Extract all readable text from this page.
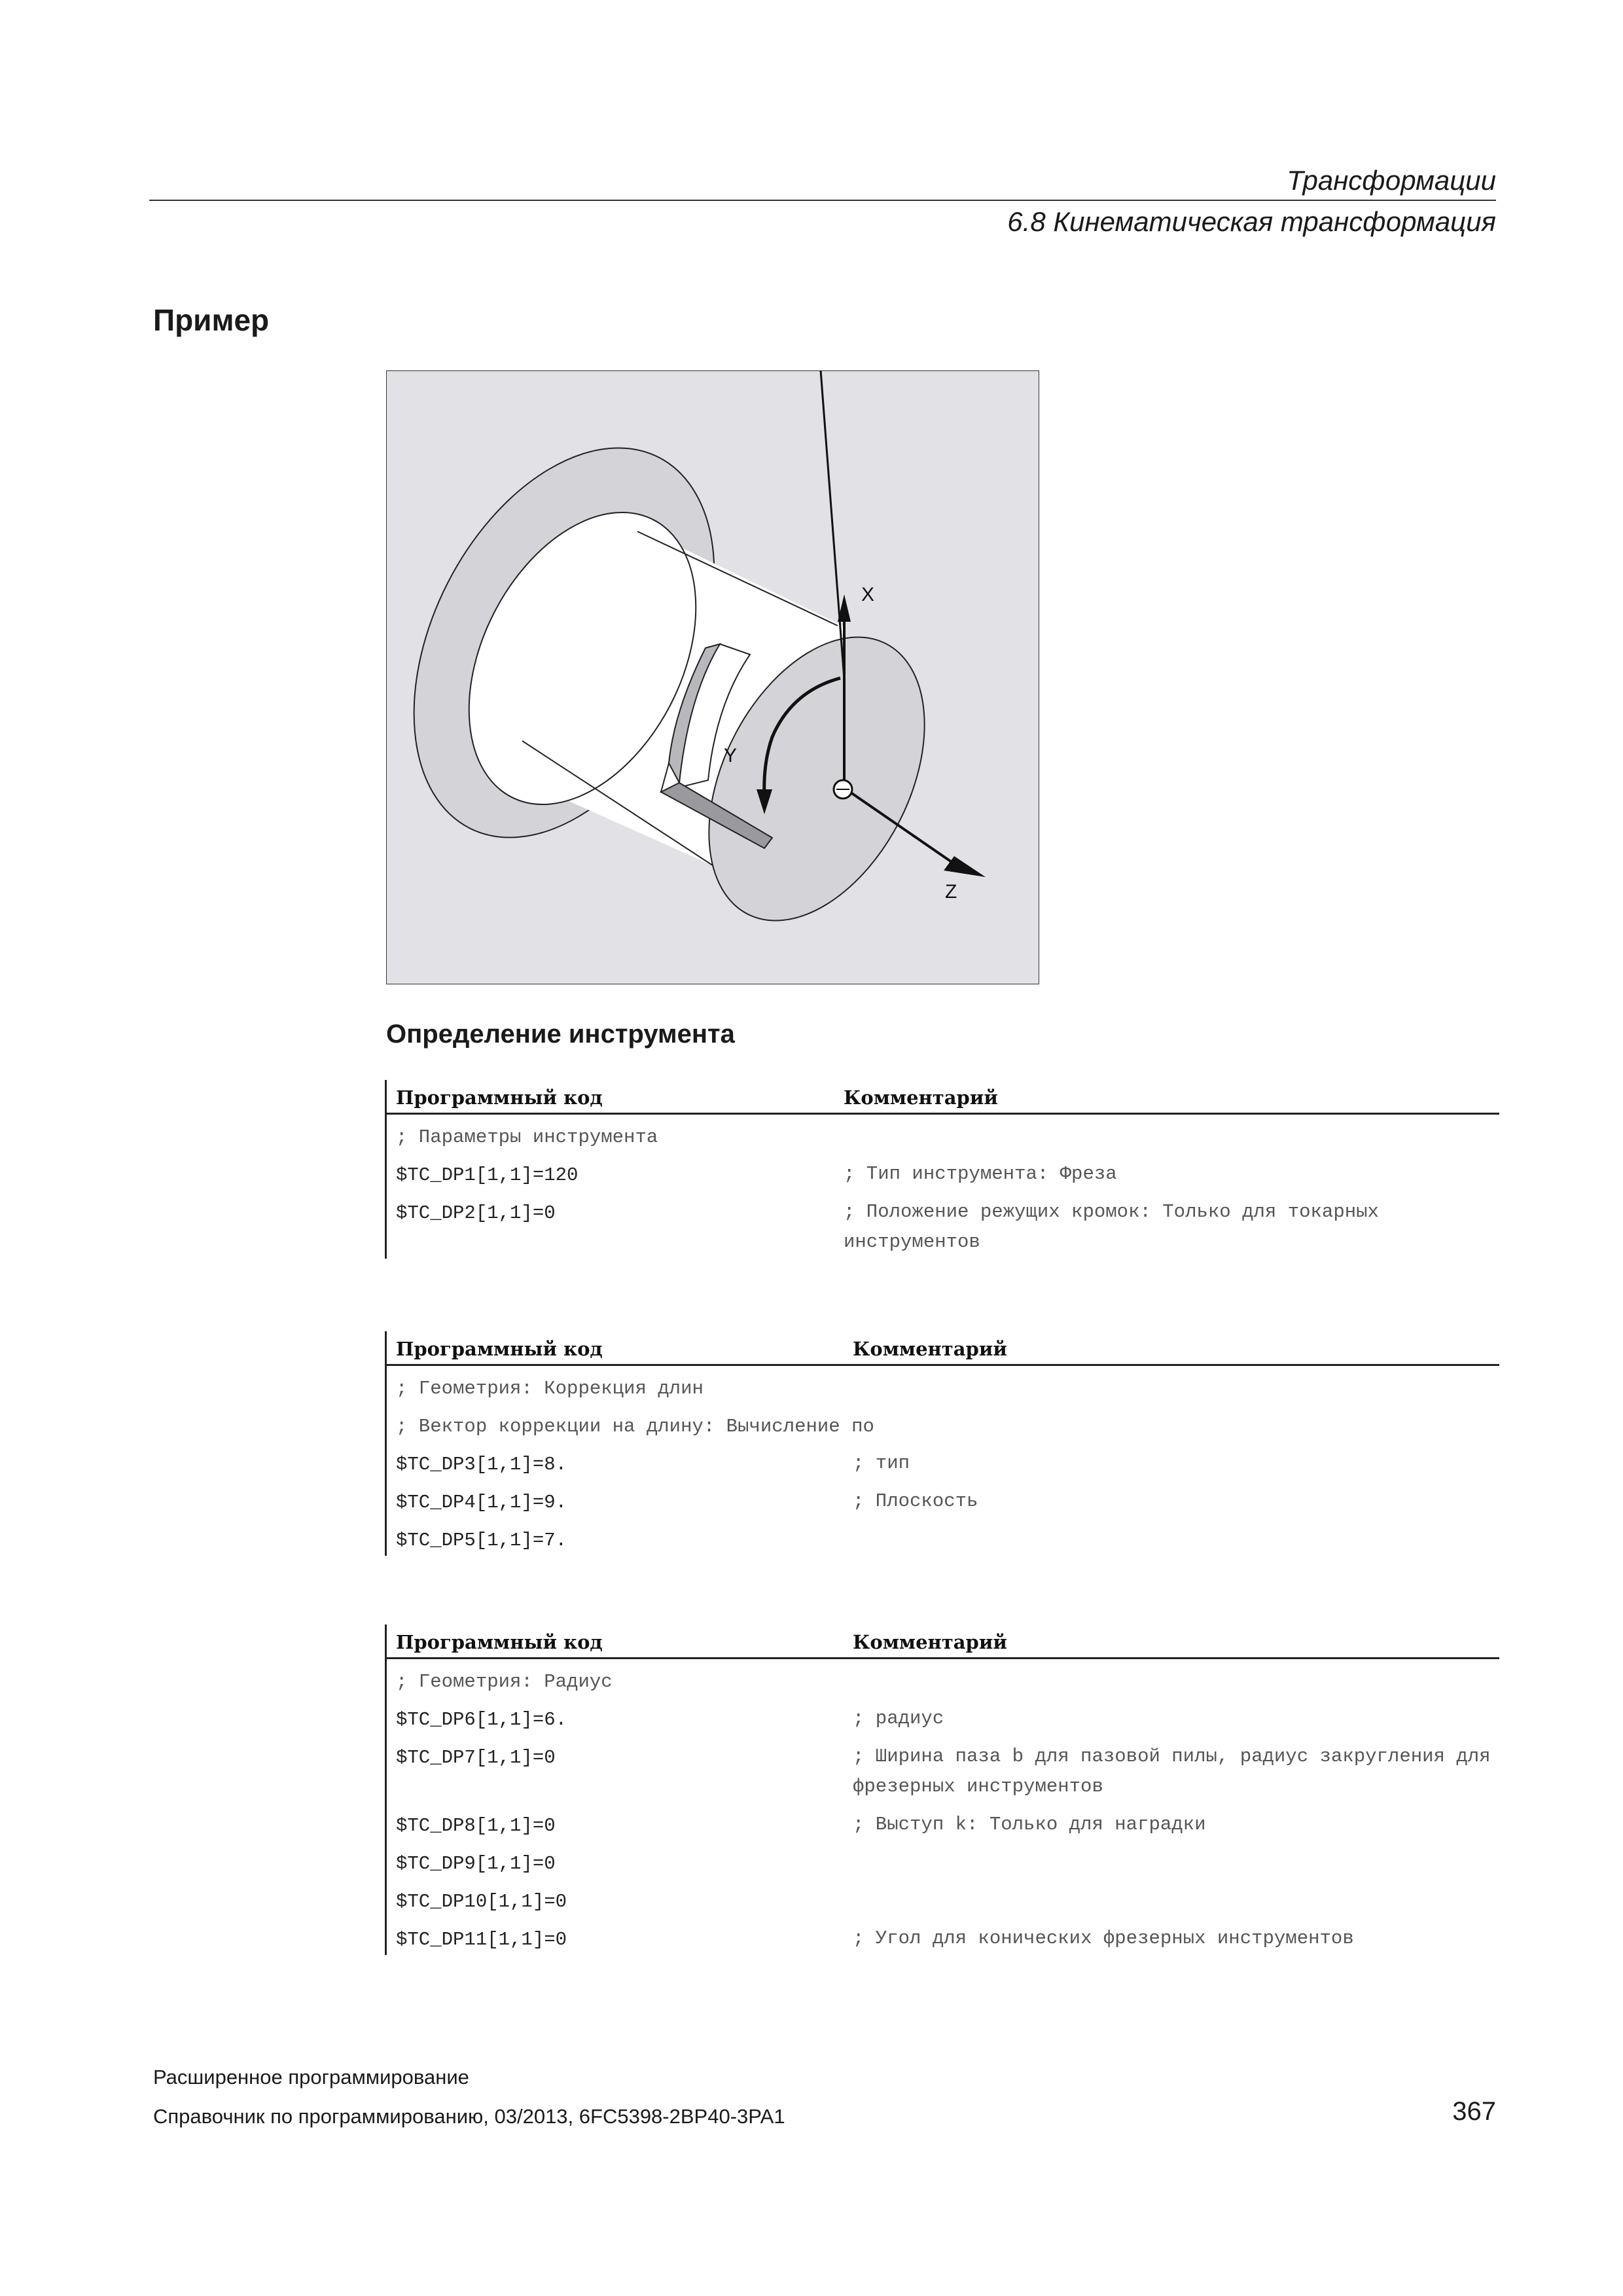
Трансформации
6.8 Кинематическая трансформация
Пример
X
Z
Y
Определение инструмента
Программный код	Комментарий
; Параметры инструмента
$TC_DP1[1,1]=120	; Тип инструмента: Фреза
$TC_DP2[1,1]=0	; Положение режущих кромок: Только для токарных инструментов
Программный код	Комментарий
; Геометрия: Коррекция длин
; Вектор коррекции на длину: Вычисление по
$TC_DP3[1,1]=8.	; тип
$TC_DP4[1,1]=9.	; Плоскость
$TC_DP5[1,1]=7.
Программный код	Комментарий
; Геометрия: Радиус
$TC_DP6[1,1]=6.	; радиус
$TC_DP7[1,1]=0	; Ширина паза b для пазовой пилы, радиус закругления для фрезерных инструментов
$TC_DP8[1,1]=0	; Выступ k: Только для наградки
$TC_DP9[1,1]=0
$TC_DP10[1,1]=0
$TC_DP11[1,1]=0	; Угол для конических фрезерных инструментов
Расширенное программирование
Справочник по программированию, 03/2013, 6FC5398-2BP40-3PA1	367
